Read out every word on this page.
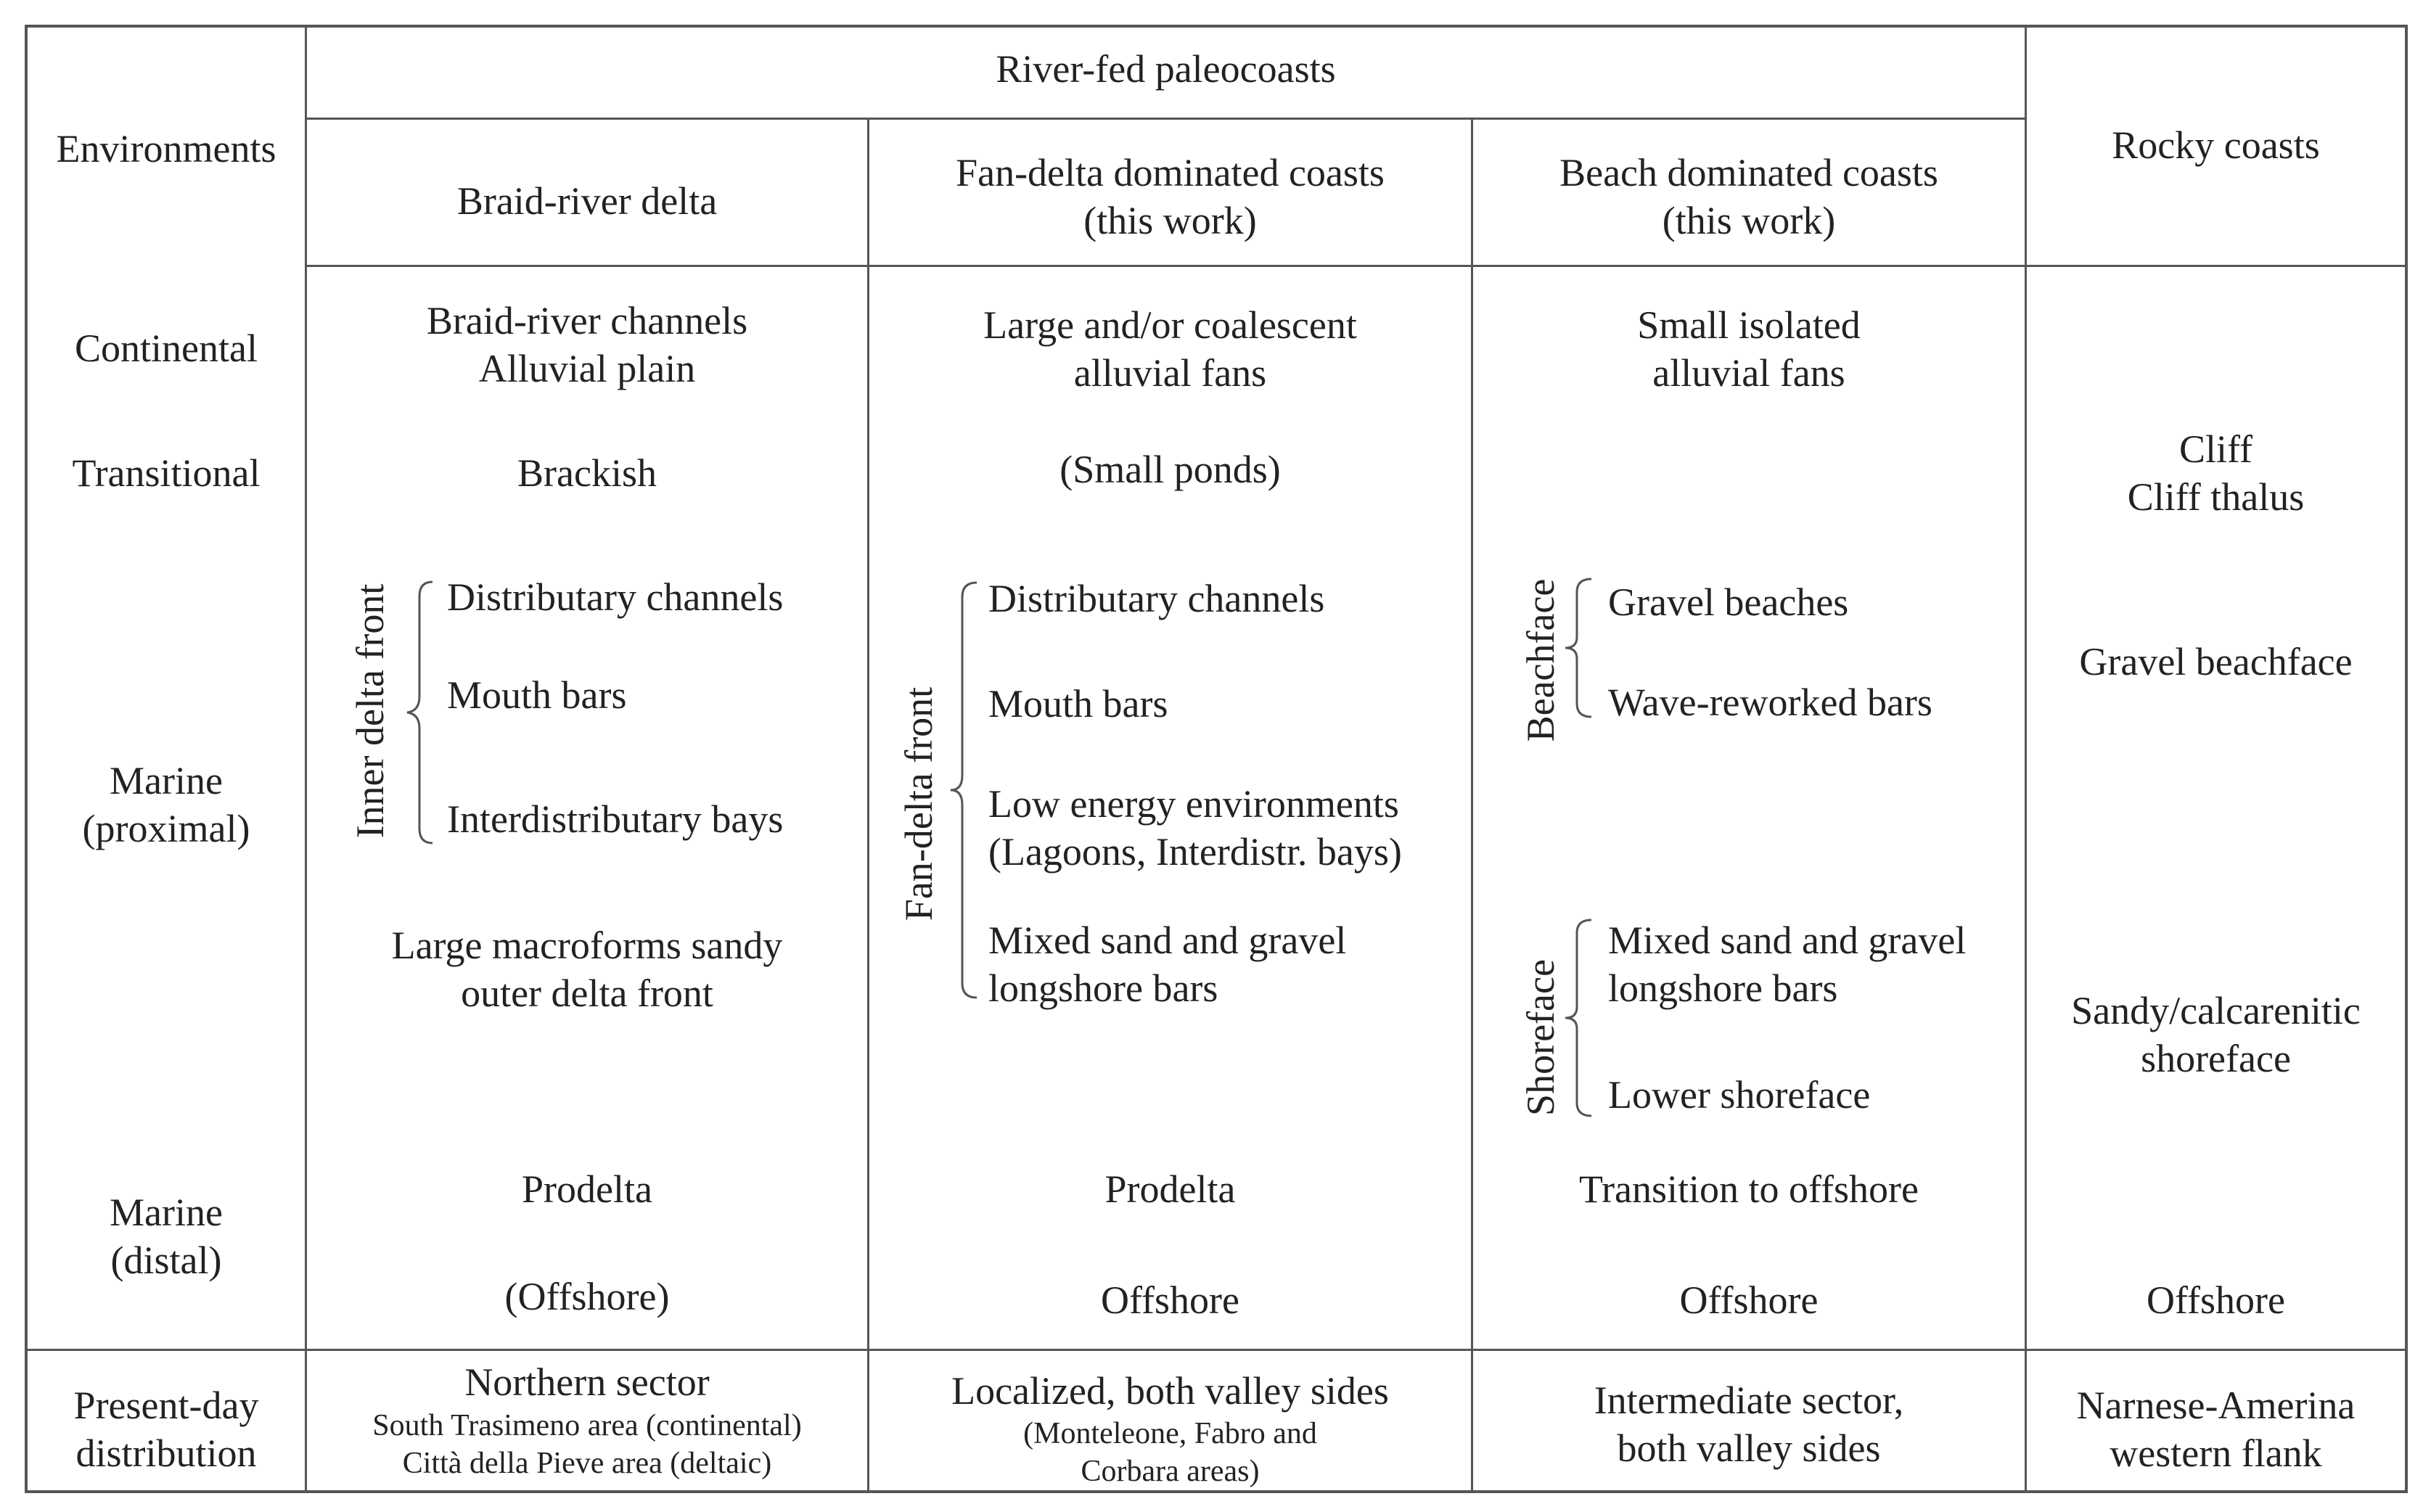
Environments
River-fed paleocoasts
Braid-river delta
Fan-delta dominated coasts
(this work)
Beach dominated coasts
(this work)
Rocky coasts
Continental
Transitional
Marine
(proximal)
Marine
(distal)
Present-day
distribution
Braid-river channels
Alluvial plain
Brackish
Inner delta front Distributary channels
Mouth bars
Interdistributary bays
Large macroforms sandy
outer delta front
Prodelta
(Offshore)
Northern sector
South Trasimeno area (continental)
Città della Pieve area (deltaic)
Large and/or coalescent
alluvial fans
(Small ponds)
Fan-delta front
Distributary channels
Mouth bars
Low energy environments
(Lagoons, Interdistr. bays)
Mixed sand and gravel
longshore bars
Prodelta
Offshore
Localized, both valley sides
(Monteleone, Fabro and
Corbara areas)
Small isolated
alluvial fans
Beachface Gravel beaches
Wave-reworked bars
Shoreface
Mixed sand and gravel
longshore bars
Lower shoreface
Transition to offshore
Offshore
Intermediate sector,
both valley sides
Cliff
Cliff thalus
Gravel beachface
Sandy/calcarenitic
shoreface
Offshore
Narnese-Amerina
western flank
